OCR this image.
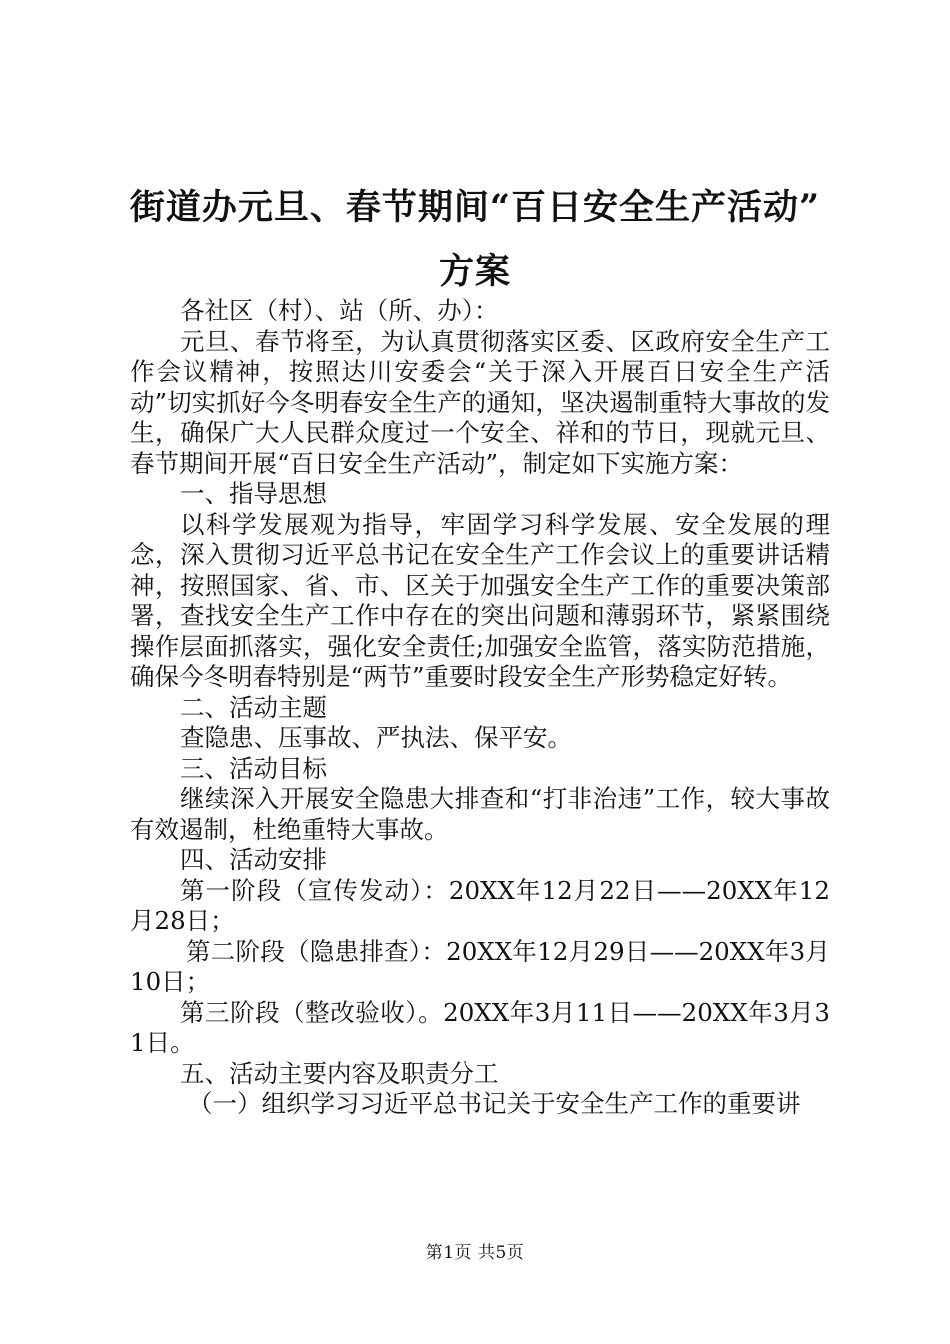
街道办元旦、春节期间“百日安全生产活动”
方案

各社区（村）、站（所、办）：

元旦、春节将至，为认真贯彻落实区委、区政府安全生产工作会议精神，按照达川安委会“关于深入开展百日安全生产活动”切实抓好今冬明春安全生产的通知，坚决遏制重特大事故的发生，确保广大人民群众度过一个安全、祥和的节日，现就元旦、春节期间开展“百日安全生产活动”，制定如下实施方案：

一、指导思想

以科学发展观为指导，牢固学习科学发展、安全发展的理念，深入贯彻习近平总书记在安全生产工作会议上的重要讲话精神，按照国家、省、市、区关于加强安全生产工作的重要决策部署，查找安全生产工作中存在的突出问题和薄弱环节，紧紧围绕操作层面抓落实，强化安全责任;加强安全监管，落实防范措施，确保今冬明春特别是“两节”重要时段安全生产形势稳定好转。

二、活动主题

查隐患、压事故、严执法、保平安。

三、活动目标

继续深入开展安全隐患大排查和“打非治违”工作，较大事故有效遏制，杜绝重特大事故。

四、活动安排

第一阶段（宣传发动）：20XX年12月22日——20XX年12月28日；

第二阶段（隐患排查）：20XX年12月29日——20XX年3月10日；

第三阶段（整改验收）。20XX年3月11日——20XX年3月31日。

五、活动主要内容及职责分工

（一）组织学习习近平总书记关于安全生产工作的重要讲

第1页 共5页
